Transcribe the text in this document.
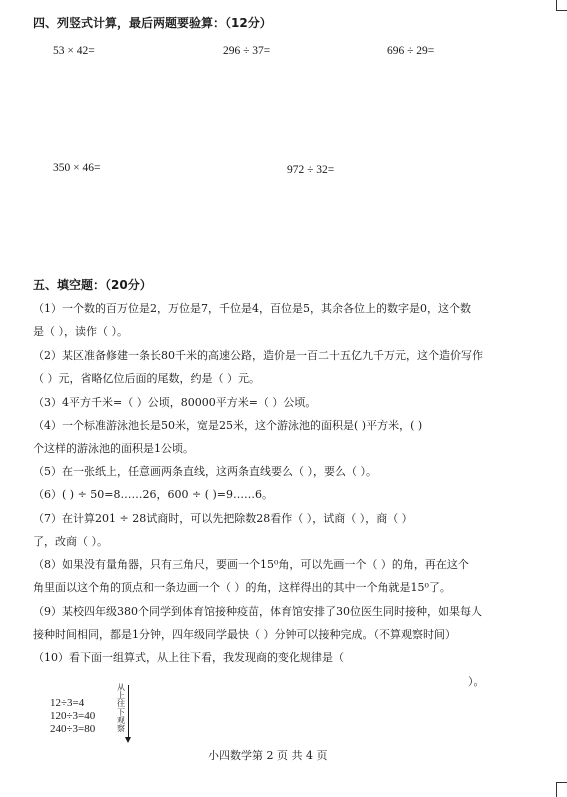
四、列竖式计算，最后两题要验算：（12分）
53 × 42=	296 ÷ 37=	696 ÷ 29=
350 × 46=	972 ÷ 32=
五、填空题：（20分）
（1）一个数的百万位是2，万位是7，千位是4，百位是5，其余各位上的数字是0，这个数
是（ ），读作（ ）。
（2）某区准备修建一条长80千米的高速公路，造价是一百二十五亿九千万元，这个造价写作
（ ）元，省略亿位后面的尾数，约是（ ）元。
（3）4平方千米=（ ）公顷，80000平方米=（ ）公顷。
（4）一个标准游泳池长是50米，宽是25米，这个游泳池的面积是( )平方米，( )
个这样的游泳池的面积是1公顷。
（5）在一张纸上，任意画两条直线，这两条直线要么（ ），要么（ ）。
（6）( ) ÷ 50=8……26，600 ÷ ( )=9……6。
（7）在计算201 ÷ 28试商时，可以先把除数28看作（ ），试商（ ），商（ ）
了，改商（ ）。
（8）如果没有量角器，只有三角尺，要画一个15⁰角，可以先画一个（ ）的角，再在这个
角里面以这个角的顶点和一条边画一个（ ）的角，这样得出的其中一个角就是15⁰了。
（9）某校四年级380个同学到体育馆接种疫苗，体育馆安排了30位医生同时接种，如果每人
接种时间相同，都是1分钟，四年级同学最快（ ）分钟可以接种完成。（不算观察时间）
（10）看下面一组算式，从上往下看，我发现商的变化规律是（
）。
12÷3=4
120÷3=40
240÷3=80
从上往下观察
小四数学第 2 页 共 4 页
